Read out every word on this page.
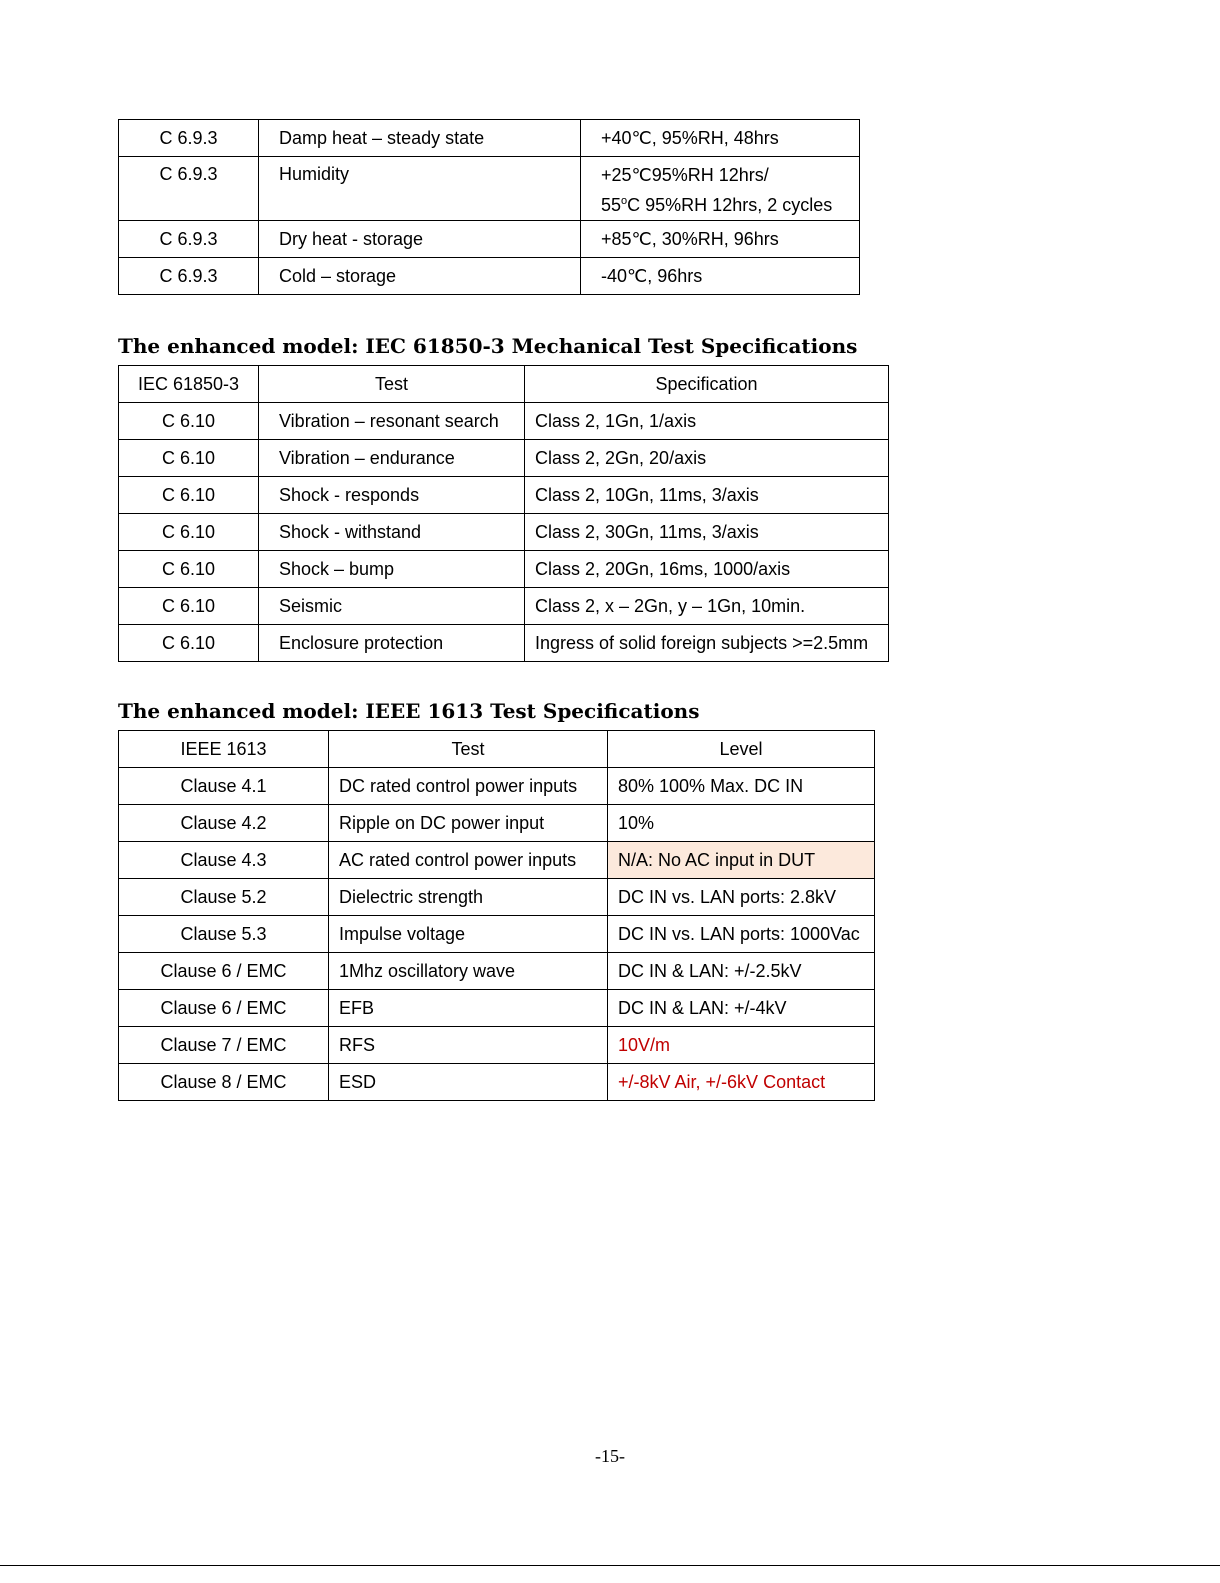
C 6.9.3	Damp heat – steady state	+40℃, 95%RH, 48hrs
C 6.9.3	Humidity	+25℃95%RH 12hrs/
55$^o$C 95%RH 12hrs, 2 cycles

C 6.9.3	Dry heat - storage	+85℃, 30%RH, 96hrs
C 6.9.3	Cold – storage	-40℃, 96hrs
The enhanced model: IEC 61850-3 Mechanical Test Specifications
IEC 61850-3	Test	Specification
C 6.10	Vibration – resonant search	Class 2, 1Gn, 1/axis
C 6.10	Vibration – endurance	Class 2, 2Gn, 20/axis
C 6.10	Shock - responds	Class 2, 10Gn, 11ms, 3/axis
C 6.10	Shock - withstand	Class 2, 30Gn, 11ms, 3/axis
C 6.10	Shock – bump	Class 2, 20Gn, 16ms, 1000/axis
C 6.10	Seismic	Class 2, x – 2Gn, y – 1Gn, 10min.
C 6.10	Enclosure protection	Ingress of solid foreign subjects >=2.5mm
The enhanced model: IEEE 1613 Test Specifications
IEEE 1613	Test	Level
Clause 4.1	DC rated control power inputs	80% 100% Max. DC IN
Clause 4.2	Ripple on DC power input	10%
Clause 4.3	AC rated control power inputs	N/A: No AC input in DUT
Clause 5.2	Dielectric strength	DC IN vs. LAN ports: 2.8kV
Clause 5.3	Impulse voltage	DC IN vs. LAN ports: 1000Vac
Clause 6 / EMC	1Mhz oscillatory wave	DC IN & LAN: +/-2.5kV
Clause 6 / EMC	EFB	DC IN & LAN: +/-4kV
Clause 7 / EMC	RFS	10V/m
Clause 8 / EMC	ESD	+/-8kV Air, +/-6kV Contact
-15-
